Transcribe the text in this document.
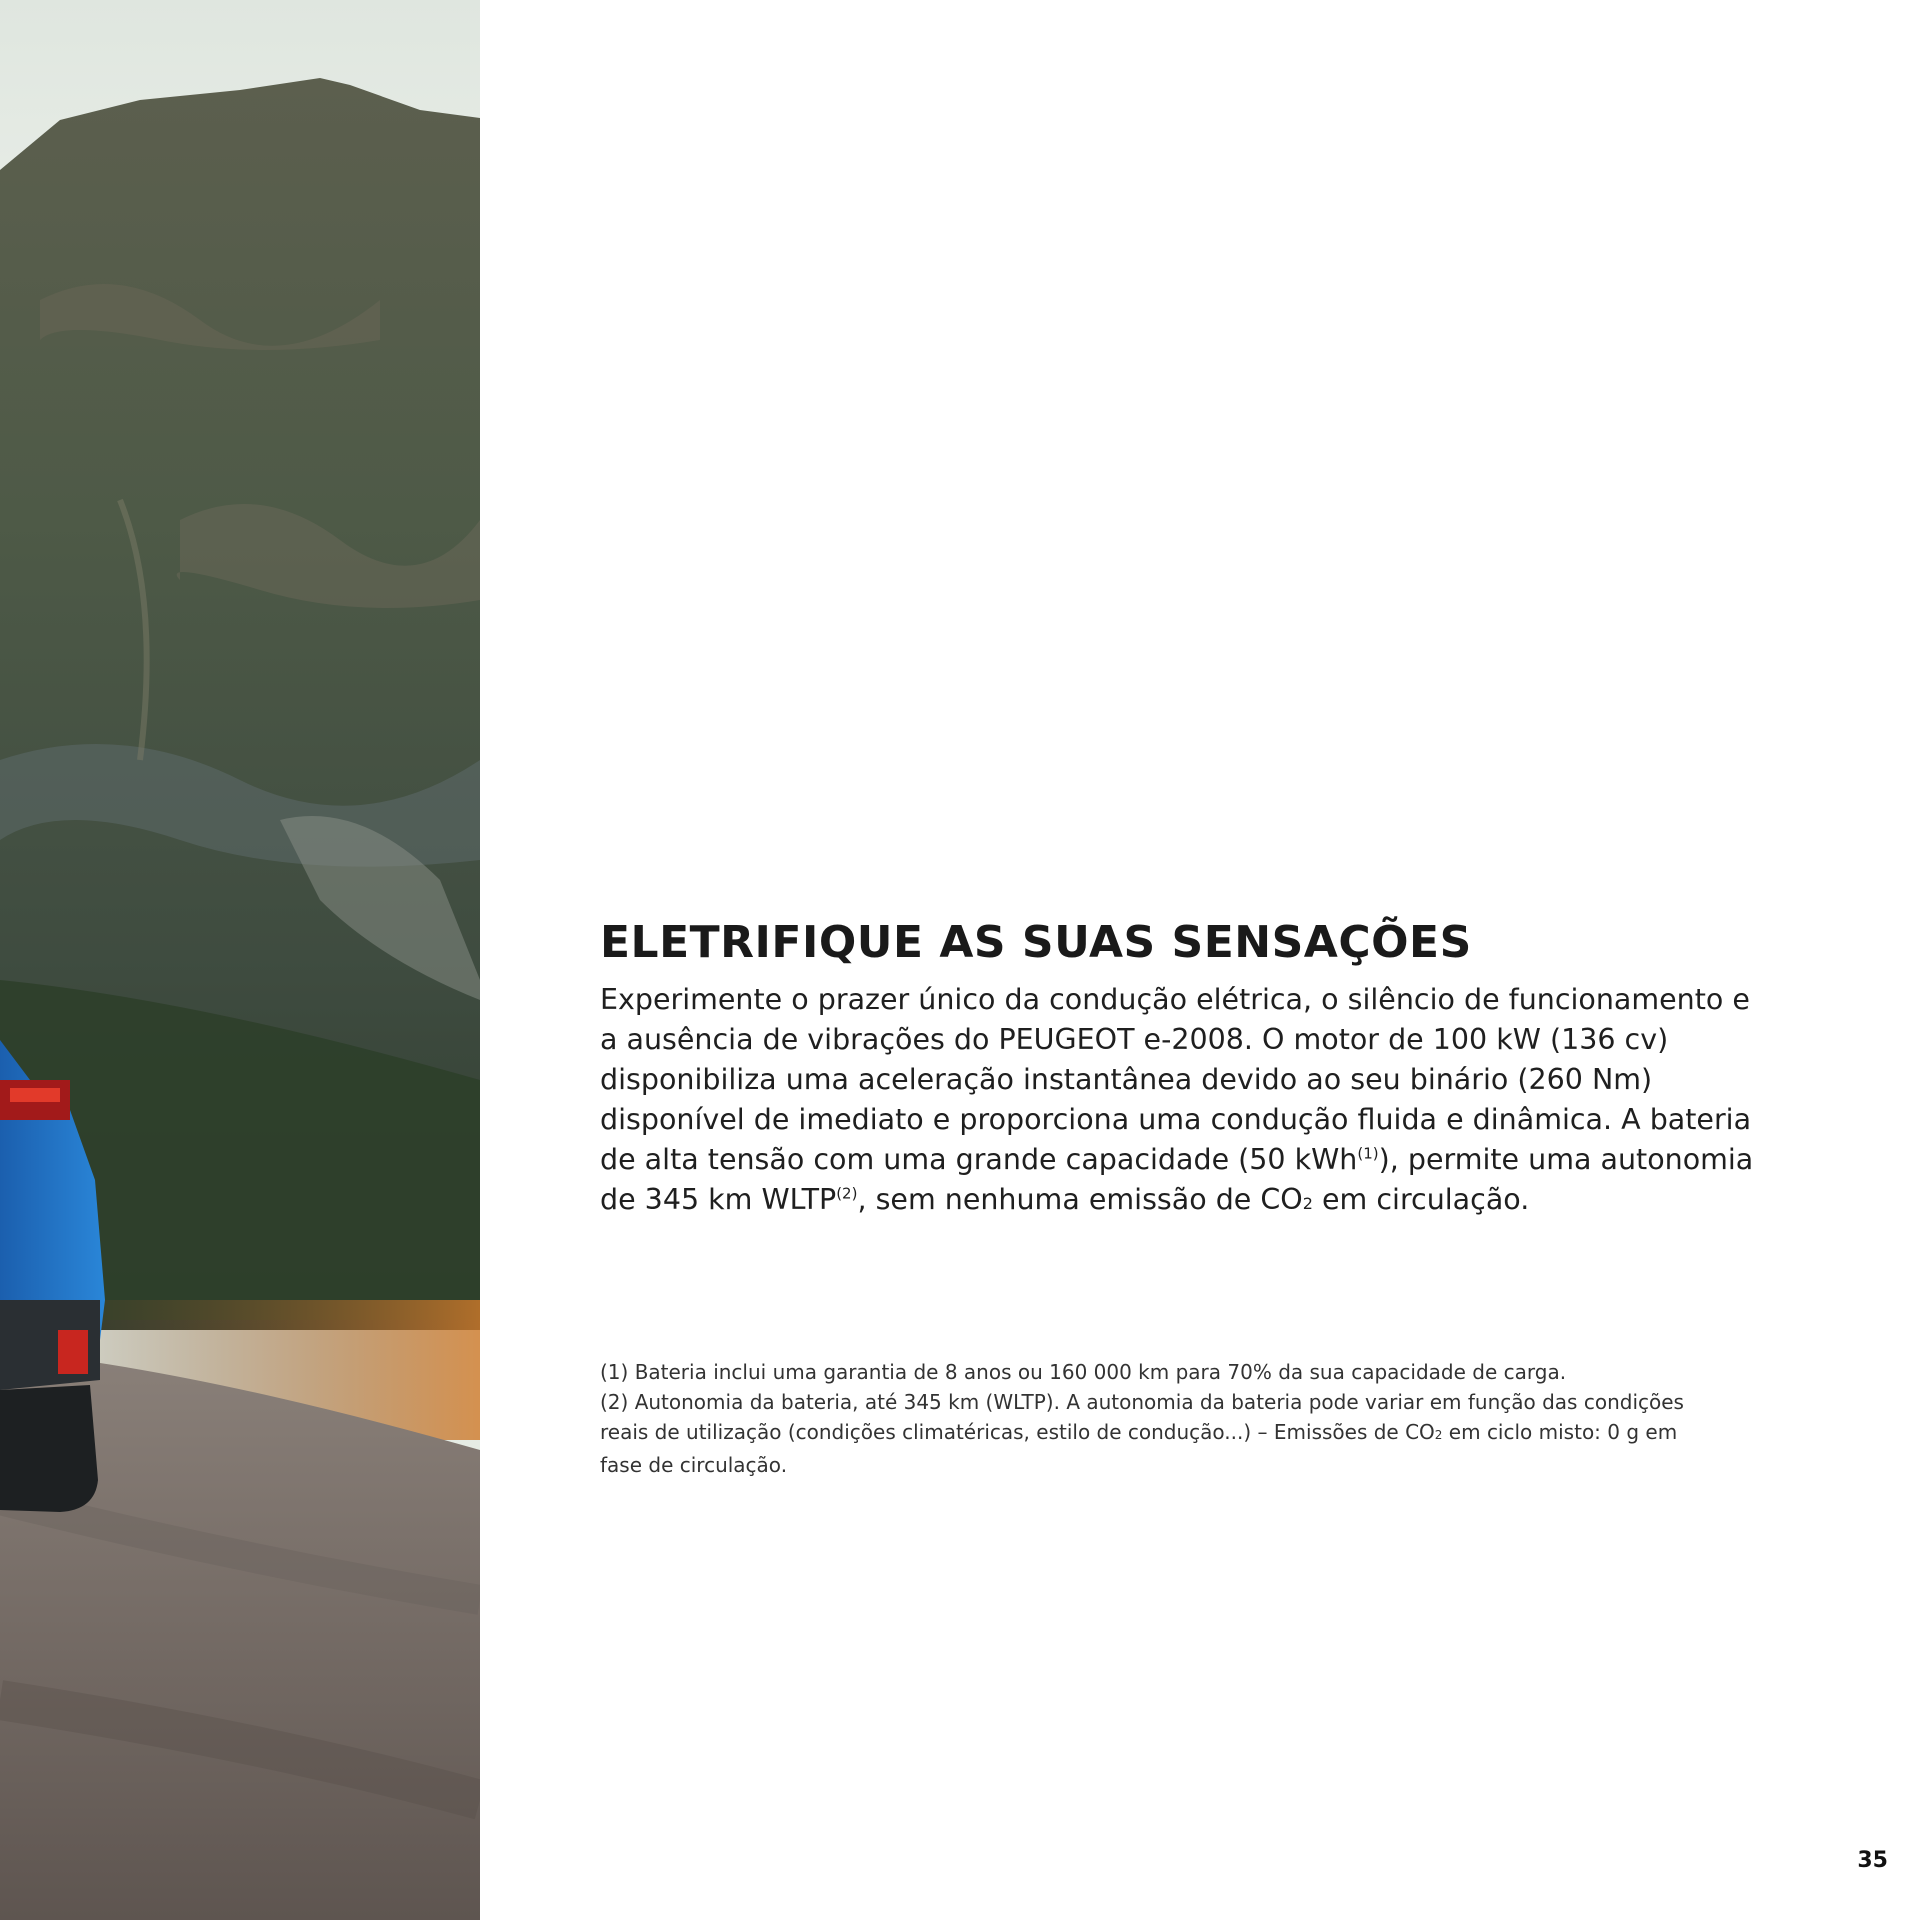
ELETRIFIQUE AS SUAS SENSAÇÕES

Experimente o prazer único da condução elétrica, o silêncio de funcionamento e a ausência de vibrações do PEUGEOT e-2008. O motor de 100 kW (136 cv) disponibiliza uma aceleração instantânea devido ao seu binário (260 Nm) disponível de imediato e proporciona uma condução fluida e dinâmica. A bateria de alta tensão com uma grande capacidade (50 kWh$^{(1)}$), permite uma autonomia de 345 km WLTP$^{(2)}$, sem nenhuma emissão de CO2 em circulação.

(1) Bateria inclui uma garantia de 8 anos ou 160 000 km para 70% da sua capacidade de carga.

(2) Autonomia da bateria, até 345 km (WLTP). A autonomia da bateria pode variar em função das condições reais de utilização (condições climatéricas, estilo de condução...) – Emissões de CO2 em ciclo misto: 0 g em fase de circulação.

35
